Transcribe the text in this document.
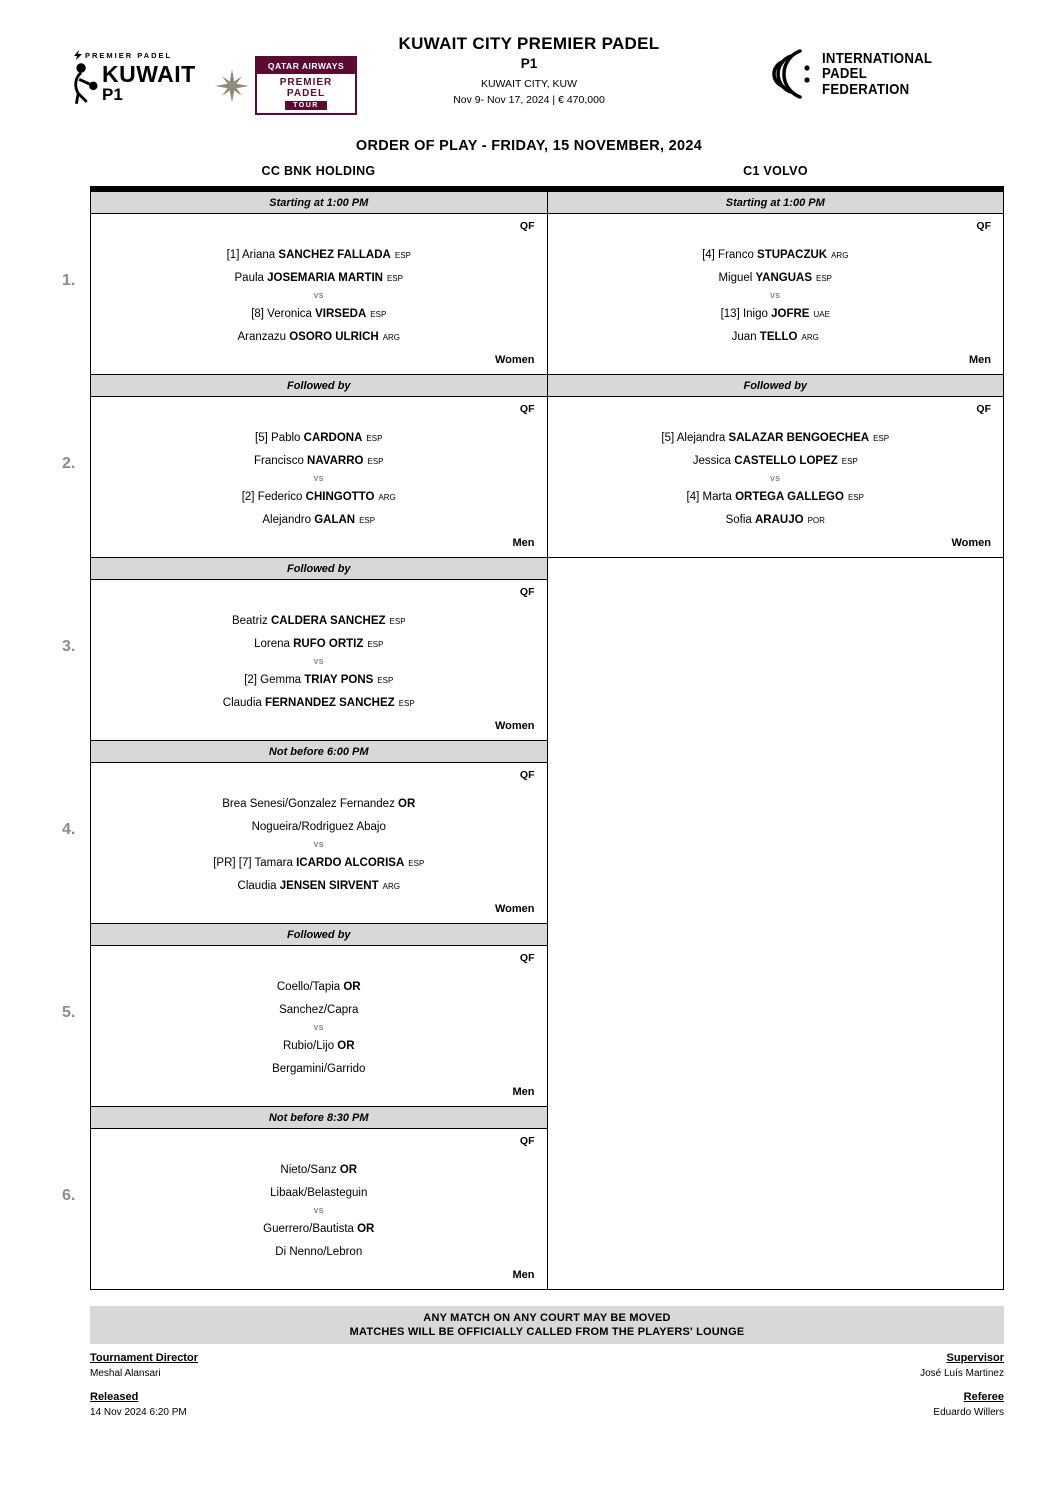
PREMIER PADEL
KUWAIT
P1
QATAR AIRWAYS
PREMIER PADEL
TOUR
KUWAIT CITY PREMIER PADEL
P1
KUWAIT CITY, KUW
Nov 9- Nov 17, 2024 | € 470,000
INTERNATIONAL
PADEL
FEDERATION
ORDER OF PLAY - FRIDAY, 15 NOVEMBER, 2024
CC BNK HOLDING	C1 VOLVO
1.
2.
3.
4.
5.
6.
Starting at 1:00 PM
QF
[1] Ariana SANCHEZ FALLADA ESP
Paula JOSEMARIA MARTIN ESP
VS
[8] Veronica VIRSEDA ESP
Aranzazu OSORO ULRICH ARG
Women
Followed by
QF
[5] Pablo CARDONA ESP
Francisco NAVARRO ESP
VS
[2] Federico CHINGOTTO ARG
Alejandro GALAN ESP
Men
Followed by
QF
Beatriz CALDERA SANCHEZ ESP
Lorena RUFO ORTIZ ESP
VS
[2] Gemma TRIAY PONS ESP
Claudia FERNANDEZ SANCHEZ ESP
Women
Not before 6:00 PM
QF
Brea Senesi/Gonzalez Fernandez OR
Nogueira/Rodriguez Abajo
VS
[PR] [7] Tamara ICARDO ALCORISA ESP
Claudia JENSEN SIRVENT ARG
Women
Followed by
QF
Coello/Tapia OR
Sanchez/Capra
VS
Rubio/Lijo OR
Bergamini/Garrido
Men
Not before 8:30 PM
QF
Nieto/Sanz OR
Libaak/Belasteguin
VS
Guerrero/Bautista OR
Di Nenno/Lebron
Men
Starting at 1:00 PM
QF
[4] Franco STUPACZUK ARG
Miguel YANGUAS ESP
VS
[13] Inigo JOFRE UAE
Juan TELLO ARG
Men
Followed by
QF
[5] Alejandra SALAZAR BENGOECHEA ESP
Jessica CASTELLO LOPEZ ESP
VS
[4] Marta ORTEGA GALLEGO ESP
Sofia ARAUJO POR
Women
ANY MATCH ON ANY COURT MAY BE MOVED
MATCHES WILL BE OFFICIALLY CALLED FROM THE PLAYERS' LOUNGE
Tournament Director
Meshal Alansari
Released
14 Nov 2024 6:20 PM
Supervisor
José Luís Martinez
Referee
Eduardo Willers
